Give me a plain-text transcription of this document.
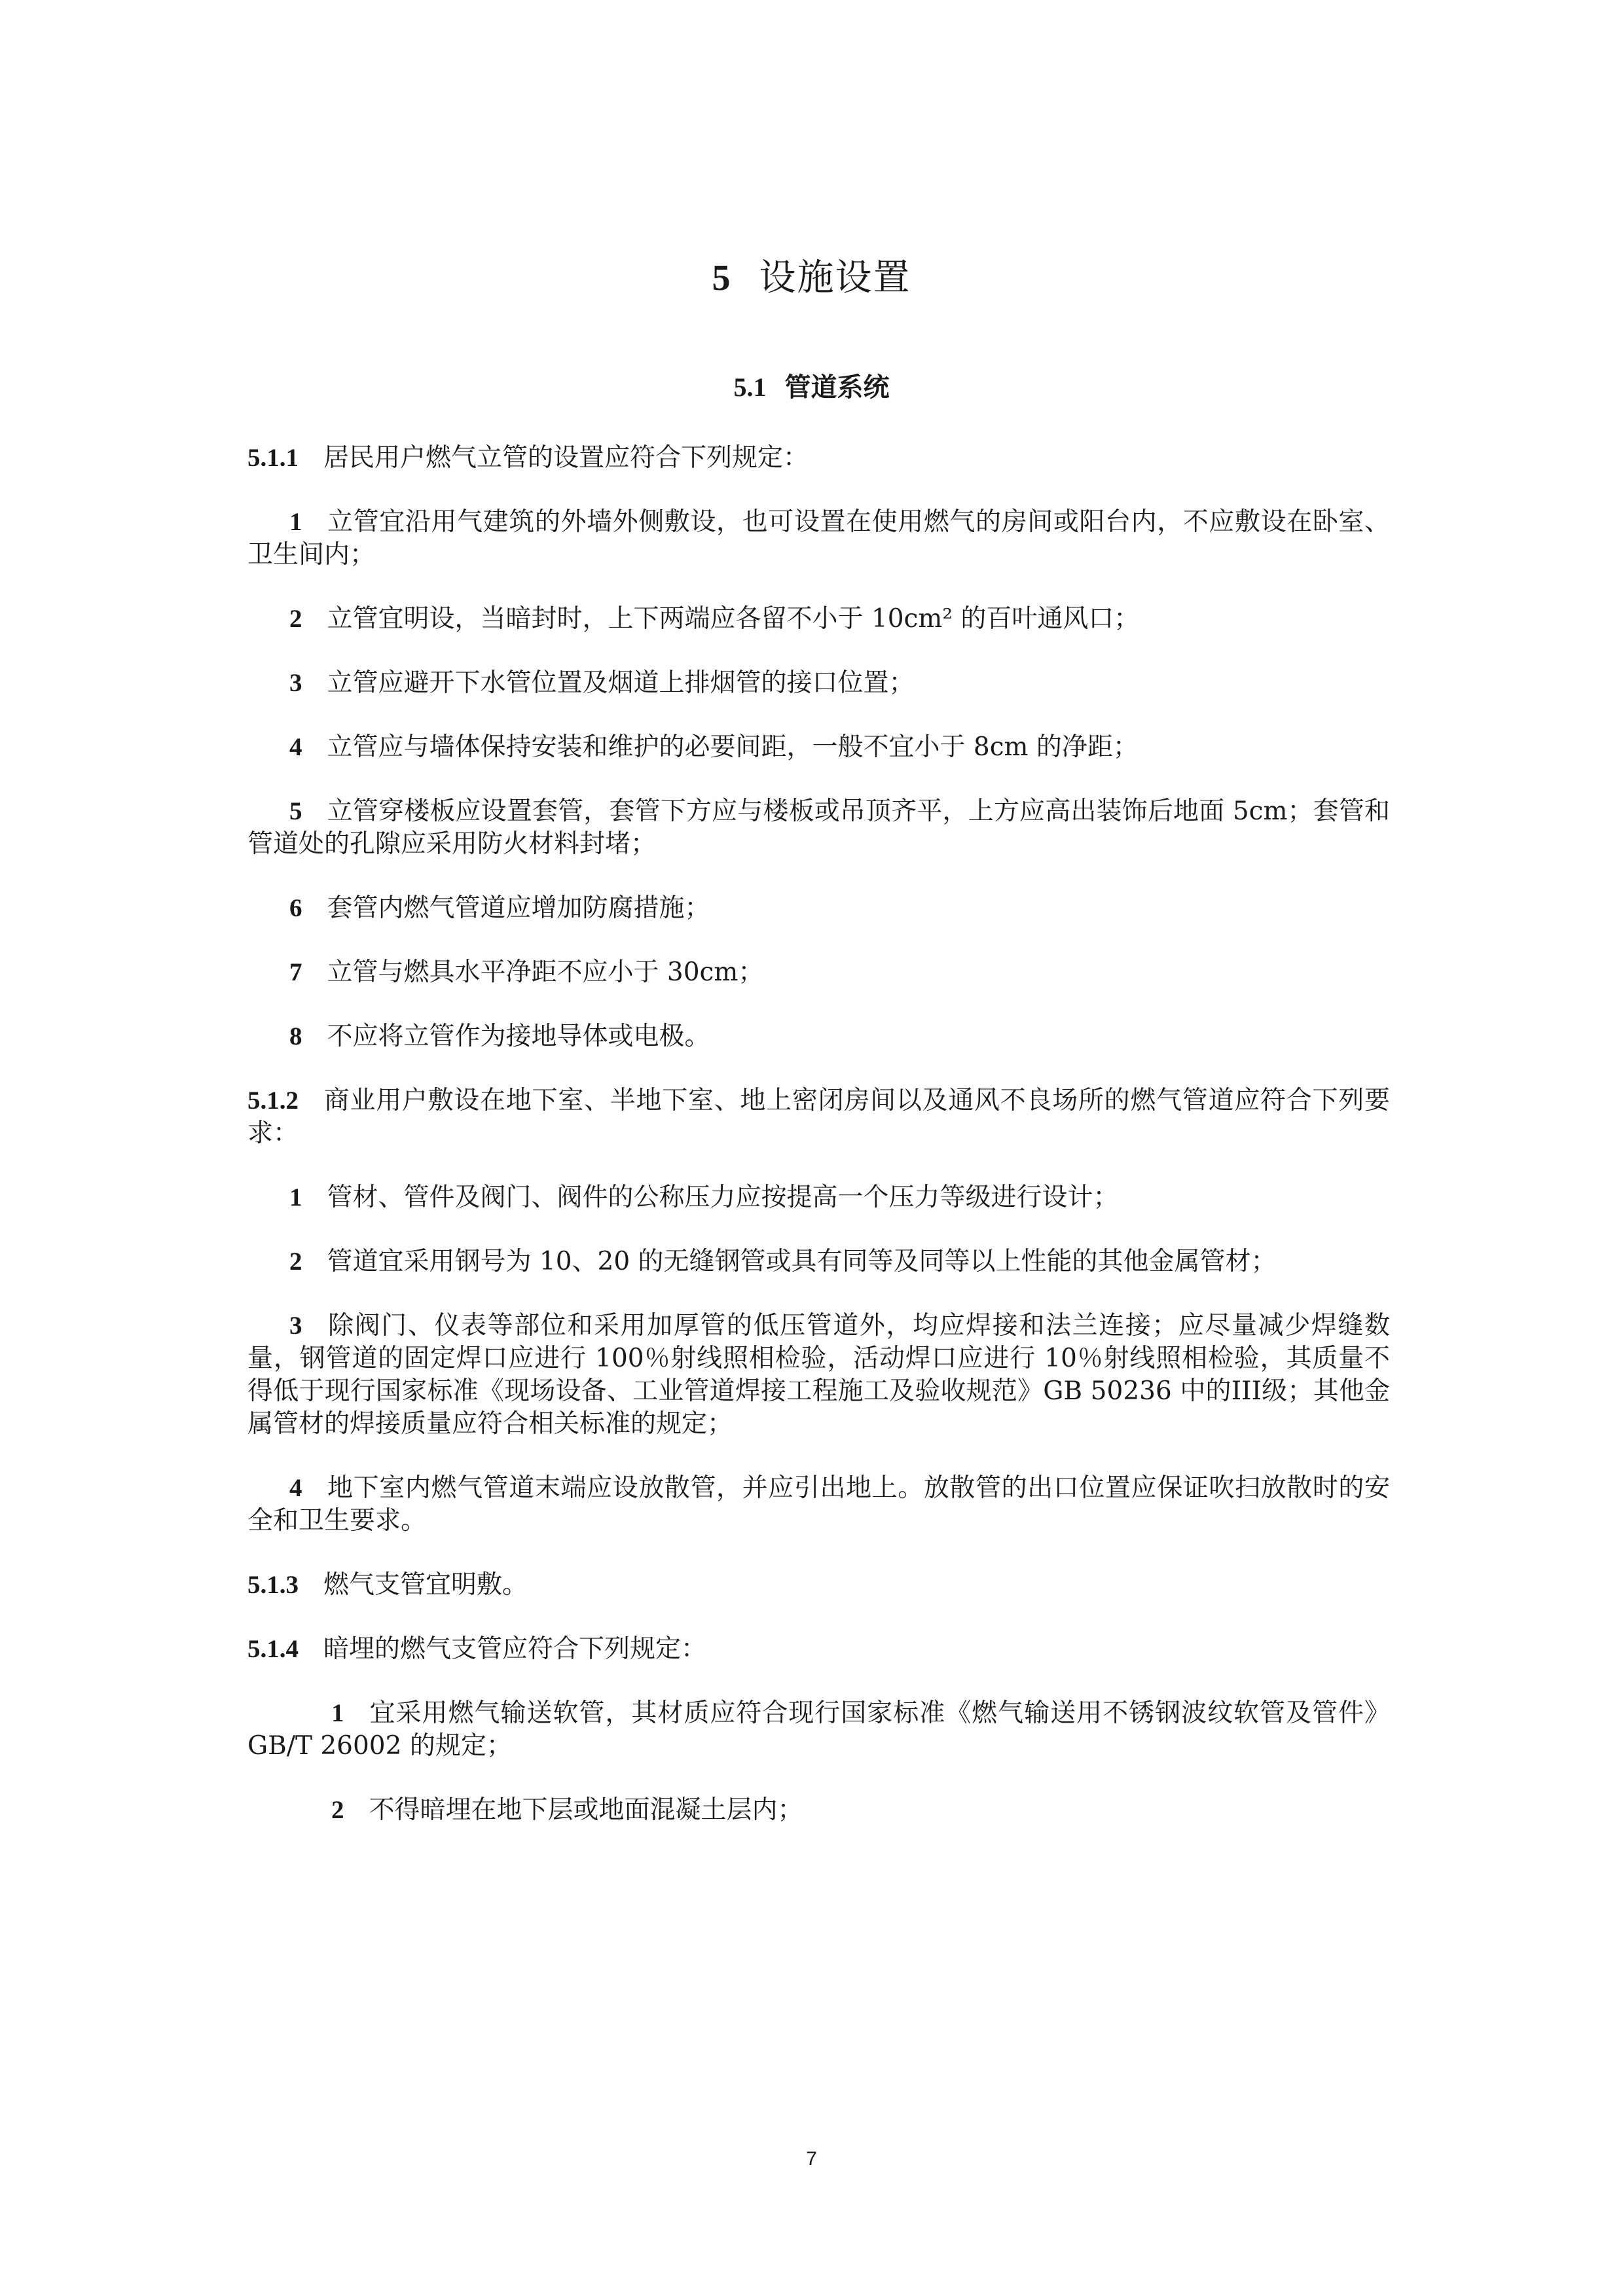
5 设施设置
5.1 管道系统

5.1.1 居民用户燃气立管的设置应符合下列规定：

1 立管宜沿用气建筑的外墙外侧敷设，也可设置在使用燃气的房间或阳台内，不应敷设在卧室、卫生间内；

2 立管宜明设，当暗封时，上下两端应各留不小于 10cm² 的百叶通风口；

3 立管应避开下水管位置及烟道上排烟管的接口位置；

4 立管应与墙体保持安装和维护的必要间距，一般不宜小于 8cm 的净距；

5 立管穿楼板应设置套管，套管下方应与楼板或吊顶齐平，上方应高出装饰后地面 5cm；套管和管道处的孔隙应采用防火材料封堵；

6 套管内燃气管道应增加防腐措施；

7 立管与燃具水平净距不应小于 30cm；

8 不应将立管作为接地导体或电极。

5.1.2 商业用户敷设在地下室、半地下室、地上密闭房间以及通风不良场所的燃气管道应符合下列要求：

1 管材、管件及阀门、阀件的公称压力应按提高一个压力等级进行设计；

2 管道宜采用钢号为 10、20 的无缝钢管或具有同等及同等以上性能的其他金属管材；

3 除阀门、仪表等部位和采用加厚管的低压管道外，均应焊接和法兰连接；应尽量减少焊缝数量，钢管道的固定焊口应进行 100％射线照相检验，活动焊口应进行 10％射线照相检验，其质量不得低于现行国家标准《现场设备、工业管道焊接工程施工及验收规范》GB 50236 中的III级；其他金属管材的焊接质量应符合相关标准的规定；

4 地下室内燃气管道末端应设放散管，并应引出地上。放散管的出口位置应保证吹扫放散时的安全和卫生要求。

5.1.3 燃气支管宜明敷。

5.1.4 暗埋的燃气支管应符合下列规定：

1 宜采用燃气输送软管，其材质应符合现行国家标准《燃气输送用不锈钢波纹软管及管件》GB/T 26002 的规定；

2 不得暗埋在地下层或地面混凝土层内；

7
